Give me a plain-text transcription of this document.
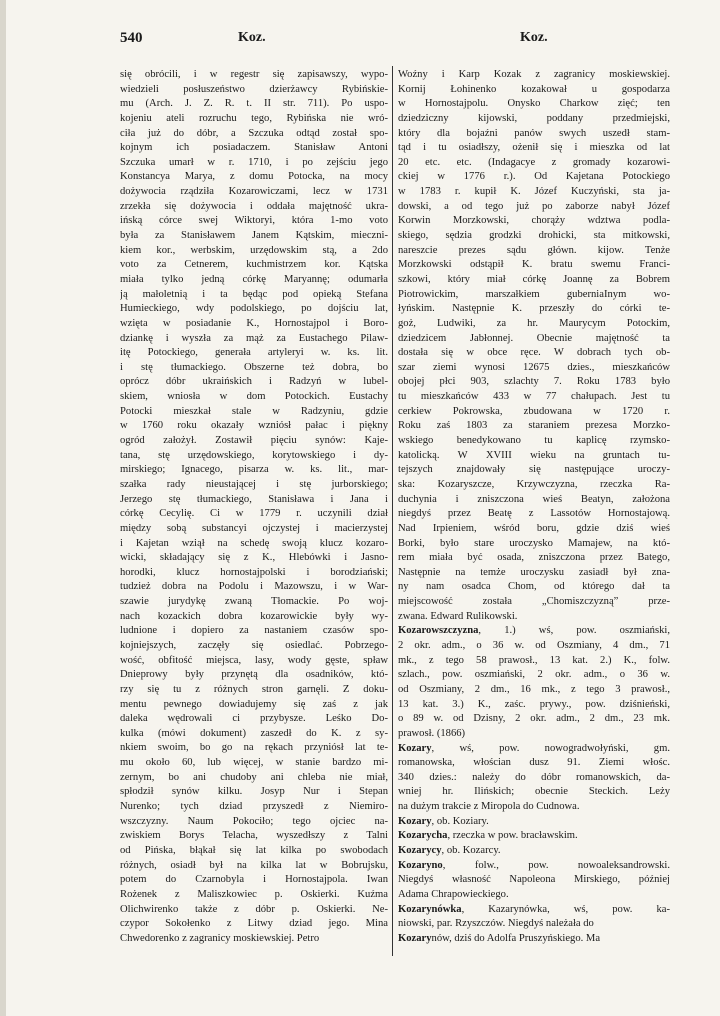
540	Koz.	Koz.
się obrócili, i w regestr się zapisawszy, wypo-
wiedzieli posłuszeństwo dzierżawcy Rybińskie-
mu (Arch. J. Z. R. t. II str. 711). Po uspo-
kojeniu ateli rozruchu tego, Rybińska nie wró-
ciła już do dóbr, a Szczuka odtąd został spo-
kojnym ich posiadaczem. Stanisław Antoni
Szczuka umarł w r. 1710, i po zejściu jego
Konstancya Marya, z domu Potocka, na mocy
dożywocia rządziła Kozarowiczami, lecz w 1731
zrzekła się dożywocia i oddała majętność ukra-
ińską córce swej Wiktoryi, która 1-mo voto
była za Stanisławem Janem Kątskim, mieczni-
kiem kor., werbskim, urzędowskim stą, a 2do
voto za Cetnerem, kuchmistrzem kor. Kątska
miała tylko jedną córkę Maryannę; odumarła
ją małoletnią i ta będąc pod opieką Stefana
Humieckiego, wdy podolskiego, po dojściu lat,
wzięta w posiadanie K., Hornostajpol i Boro-
dziankę i wyszła za mąż za Eustachego Pilaw-
itę Potockiego, generała artyleryi w. ks. lit.
i stę tłumackiego. Obszerne też dobra, bo
oprócz dóbr ukraińskich i Radzyń w lubel-
skiem, wniosła w dom Potockich. Eustachy
Potocki mieszkał stale w Radzyniu, gdzie
w 1760 roku okazały wzniósł pałac i piękny
ogród założył. Zostawił pięciu synów: Kaje-
tana, stę urzędowskiego, korytowskiego i dy-
mirskiego; Ignacego, pisarza w. ks. lit., mar-
szałka rady nieustającej i stę jurborskiego;
Jerzego stę tłumackiego, Stanisława i Jana i
córkę Cecylię. Ci w 1779 r. uczynili dział
między sobą substancyi ojczystej i macierzystej
i Kajetan wziął na schedę swoją klucz kozaro-
wicki, składający się z K., Hlebówki i Jasno-
horodki, klucz hornostajpolski i borodziański;
tudzież dobra na Podolu i Mazowszu, i w War-
szawie jurydykę zwaną Tłomackie. Po woj-
nach kozackich dobra kozarowickie były wy-
ludnione i dopiero za nastaniem czasów spo-
kojniejszych, zaczęły się osiedlać. Pobrzego-
wość, obfitość miejsca, lasy, wody gęste, spław
Dnieprowy były przynętą dla osadników, któ-
rzy się tu z różnych stron garnęli. Z doku-
mentu pewnego dowiadujemy się zaś z jak
daleka wędrowali ci przybysze. Leśko Do-
kulka (mówi dokument) zaszedł do K. z sy-
nkiem swoim, bo go na rękach przyniósł lat te-
mu około 60, lub więcej, w stanie bardzo mi-
zernym, bo ani chudoby ani chleba nie miał,
spłodził synów kilku. Josyp Nur i Stepan
Nurenko; tych dziad przyszedł z Niemiro-
wszczyzny. Naum Pokociło; tego ojciec na-
zwiskiem Borys Telacha, wyszedłszy z Talni
od Pińska, błąkał się lat kilka po swobodach
różnych, osiadł był na kilka lat w Bobrujsku,
potem do Czarnobyla i Hornostajpola. Iwan
Rożenek z Maliszkowiec p. Oskierki. Kuźma
Olichwirenko także z dóbr p. Oskierki. Ne-
czypor Sokołenko z Litwy dziad jego. Mina
Chwedorenko z zagranicy moskiewskiej. Petro
Woźny i Karp Kozak z zagranicy moskiewskiej.
Kornij Łohinenko kozakował u gospodarza
w Hornostajpolu. Onysko Charkow zięć; ten
dziedziczny kijowski, poddany przedmiejski,
który dla bojaźni panów swych uszedł stam-
tąd i tu osiadłszy, ożenił się i mieszka od lat
20 etc. etc. (Indagacye z gromady kozarowi-
ckiej w 1776 r.). Od Kajetana Potockiego
w 1783 r. kupił K. Józef Kuczyński, sta ja-
dowski, a od tego już po zaborze nabył Józef
Korwin Morzkowski, chorąży wdztwa podla-
skiego, sędzia grodzki drohicki, sta mitkowski,
nareszcie prezes sądu główn. kijow. Tenże
Morzkowski odstąpił K. bratu swemu Franci-
szkowi, który miał córkę Joannę za Bobrem
Piotrowickim, marszałkiem guberniaInym wo-
łyńskim. Następnie K. przeszły do córki te-
goż, Ludwiki, za hr. Maurycym Potockim,
dziedzicem Jabłonnej. Obecnie majętność ta
dostała się w obce ręce. W dobrach tych ob-
szar ziemi wynosi 12675 dzies., mieszkańców
obojej płci 903, szlachty 7. Roku 1783 było
tu mieszkańców 433 w 77 chałupach. Jest tu
cerkiew Pokrowska, zbudowana w 1720 r.
Roku zaś 1803 za staraniem prezesa Morzko-
wskiego benedykowano tu kaplicę rzymsko-
katolicką. W XVIII wieku na gruntach tu-
tejszych znajdowały się następujące uroczy-
ska: Kozaryszcze, Krzywczyzna, rzeczka Ra-
duchynia i zniszczona wieś Beatyn, założona
niegdyś przez Beatę z Lassotów Hornostajową.
Nad Irpieniem, wśród boru, gdzie dziś wieś
Borki, było stare uroczysko Mamajew, na któ-
rem miała być osada, zniszczona przez Batego,
Następnie na temże uroczysku zasiadł był zna-
ny nam osadca Chom, od którego dał ta
miejscowość została „Chomiszczyzną” prze-
zwana. Edward Rulikowski.
Kozarowszczyzna, 1.) wś, pow. oszmiański,
2 okr. adm., o 36 w. od Oszmiany, 4 dm., 71
mk., z tego 58 prawosł., 13 kat. 2.) K., folw.
szlach., pow. oszmiański, 2 okr. adm., o 36 w.
od Oszmiany, 2 dm., 16 mk., z tego 3 prawosł.,
13 kat. 3.) K., zaśc. prywy., pow. dziśnieński,
o 89 w. od Dzisny, 2 okr. adm., 2 dm., 23 mk.
prawosł. (1866)
Kozary, wś, pow. nowogradwołyński, gm.
romanowska, włościan dusz 91. Ziemi włośc.
340 dzies.: należy do dóbr romanowskich, da-
wniej hr. Ilińskich; obecnie Steckich. Leży
na dużym trakcie z Miropola do Cudnowa.
Kozary, ob. Koziary.
Kozarycha, rzeczka w pow. bracławskim.
Kozarycy, ob. Kozarcy.
Kozaryno, folw., pow. nowoaleksandrowski.
Niegdyś własność Napoleona Mirskiego, później
Adama Chrapowieckiego.
Kozarynówka, Kazarynówka, wś, pow. ka-
niowski, par. Rzyszczów. Niegdyś należała do
Kozarynów, dziś do Adolfa Pruszyńskiego. Ma
